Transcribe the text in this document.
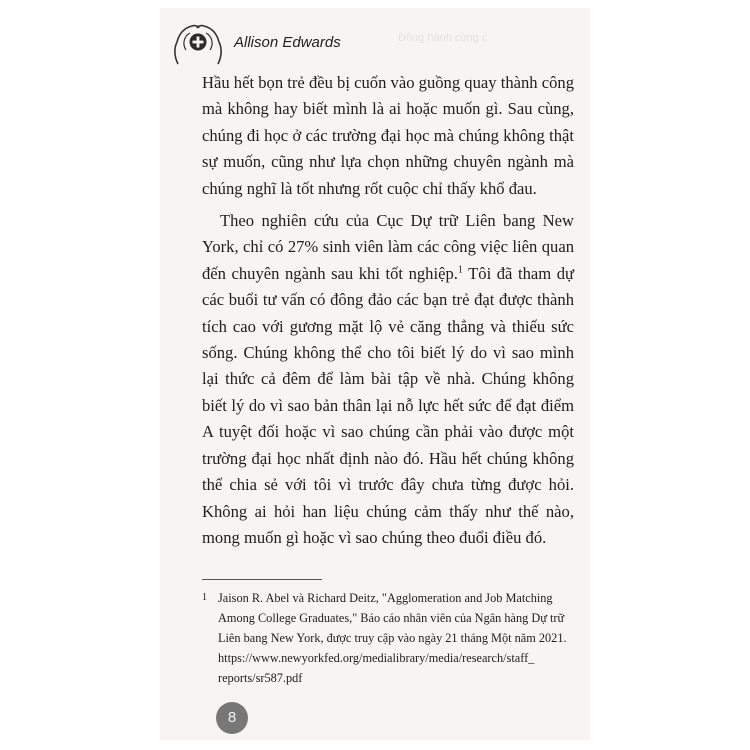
Allison Edwards	Đồng hành cùng c

Hầu hết bọn trẻ đều bị cuốn vào guồng quay thành công mà không hay biết mình là ai hoặc muốn gì. Sau cùng, chúng đi học ở các trường đại học mà chúng không thật sự muốn, cũng như lựa chọn những chuyên ngành mà chúng nghĩ là tốt nhưng rốt cuộc chỉ thấy khổ đau.

Theo nghiên cứu của Cục Dự trữ Liên bang New York, chỉ có 27% sinh viên làm các công việc liên quan đến chuyên ngành sau khi tốt nghiệp.$^1$ Tôi đã tham dự các buổi tư vấn có đông đảo các bạn trẻ đạt được thành tích cao với gương mặt lộ vẻ căng thẳng và thiếu sức sống. Chúng không thể cho tôi biết lý do vì sao mình lại thức cả đêm để làm bài tập về nhà. Chúng không biết lý do vì sao bản thân lại nỗ lực hết sức để đạt điểm A tuyệt đối hoặc vì sao chúng cần phải vào được một trường đại học nhất định nào đó. Hầu hết chúng không thể chia sẻ với tôi vì trước đây chưa từng được hỏi. Không ai hỏi han liệu chúng cảm thấy như thế nào, mong muốn gì hoặc vì sao chúng theo đuổi điều đó.

1 Jaison R. Abel và Richard Deitz, "Agglomeration and Job Matching
Among College Graduates," Báo cáo nhân viên của Ngân hàng Dự trữ
Liên bang New York, được truy cập vào ngày 21 tháng Một năm 2021.
https://www.newyorkfed.org/medialibrary/media/research/staff_
reports/sr587.pdf
8
